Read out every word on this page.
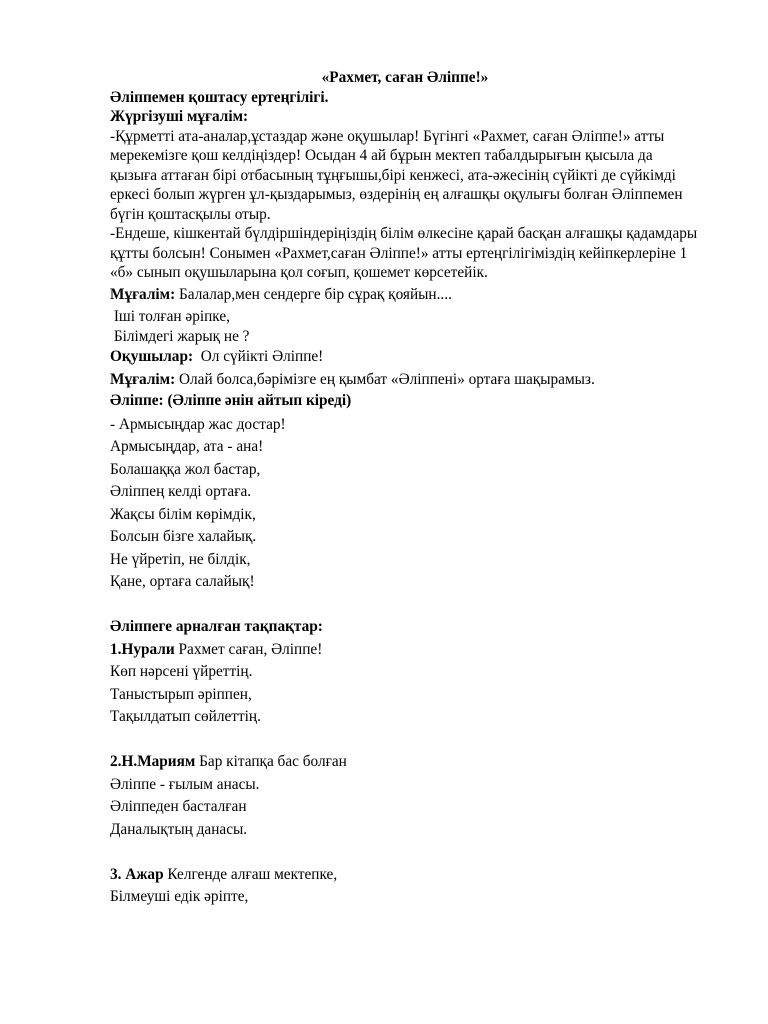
«Рахмет, саған Әліппе!»
Әліппемен қоштасу ертеңгілігі.
Жүргізуші мұғалім:
-Құрметті ата-аналар,ұстаздар және оқушылар! Бүгінгі «Рахмет, саған Әліппе!» атты мерекемізге қош келдіңіздер! Осыдан 4 ай бұрын мектеп табалдырығын қысыла да қызыға аттаған бірі отбасының тұңғышы,бірі кенжесі, ата-әжесінің сүйікті де сүйкімді еркесі болып жүрген ұл-қыздарымыз, өздерінің ең алғашқы оқулығы болған Әліппемен бүгін қоштасқылы отыр.
-Ендеше, кішкентай бүлдіршіндеріңіздің білім өлкесіне қарай басқан алғашқы қадамдары құтты болсын! Сонымен «Рахмет,саған Әліппе!» атты ертеңгілігіміздің кейіпкерлеріне 1 «б» сынып оқушыларына қол соғып, қошемет көрсетейік.
Мұғалім: Балалар,мен сендерге бір сұрақ қояйын....
Іші толған әріпке,
Білімдегі жарық не ?
Оқушылар:  Ол сүйікті Әліппе!
Мұғалім: Олай болса,бәрімізге ең қымбат «Әліппені» ортаға шақырамыз.
Әліппе: (Әліппе әнін айтып кіреді)
- Армысыңдар жас достар!
Армысыңдар, ата - ана!
Болашаққа жол бастар,
Әліппең келді ортаға.
Жақсы білім көрімдік,
Болсын бізге халайық.
Не үйретіп, не білдік,
Қане, ортаға салайық!
Әліппеге арналған тақпақтар:
1.Нурали Рахмет саған, Әліппе!
Көп нәрсені үйреттің.
Таныстырып әріппен,
Тақылдатып сөйлеттің.
2.Н.Мариям Бар кітапқа бас болған
Әліппе - ғылым анасы.
Әліппеден басталған
Даналықтың данасы.
3. Ажар Келгенде алғаш мектепке,
Білмеуші едік әріпте,
